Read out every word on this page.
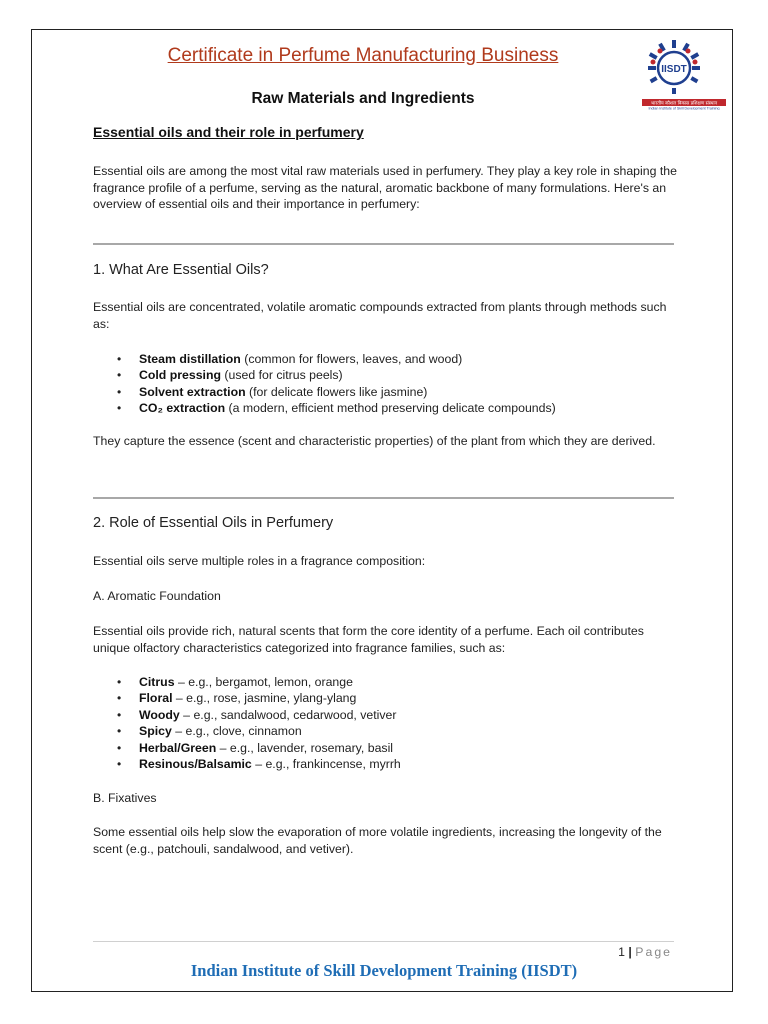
Certificate in Perfume Manufacturing Business
IISDT
भारतीय कौशल विकास प्रशिक्षण संस्थान
Indian Institute of Skill Development Training
Raw Materials and Ingredients
Essential oils and their role in perfumery
Essential oils are among the most vital raw materials used in perfumery. They play a key role in shaping the fragrance profile of a perfume, serving as the natural, aromatic backbone of many formulations. Here's an overview of essential oils and their importance in perfumery:
1. What Are Essential Oils?
Essential oils are concentrated, volatile aromatic compounds extracted from plants through methods such as:
• Steam distillation (common for flowers, leaves, and wood)
• Cold pressing (used for citrus peels)
• Solvent extraction (for delicate flowers like jasmine)
• CO₂ extraction (a modern, efficient method preserving delicate compounds)
They capture the essence (scent and characteristic properties) of the plant from which they are derived.
2. Role of Essential Oils in Perfumery
Essential oils serve multiple roles in a fragrance composition:
A. Aromatic Foundation
Essential oils provide rich, natural scents that form the core identity of a perfume. Each oil contributes unique olfactory characteristics categorized into fragrance families, such as:
• Citrus – e.g., bergamot, lemon, orange
• Floral – e.g., rose, jasmine, ylang-ylang
• Woody – e.g., sandalwood, cedarwood, vetiver
• Spicy – e.g., clove, cinnamon
• Herbal/Green – e.g., lavender, rosemary, basil
• Resinous/Balsamic – e.g., frankincense, myrrh
B. Fixatives
Some essential oils help slow the evaporation of more volatile ingredients, increasing the longevity of the scent (e.g., patchouli, sandalwood, and vetiver).
1 | Page
Indian Institute of Skill Development Training (IISDT)
